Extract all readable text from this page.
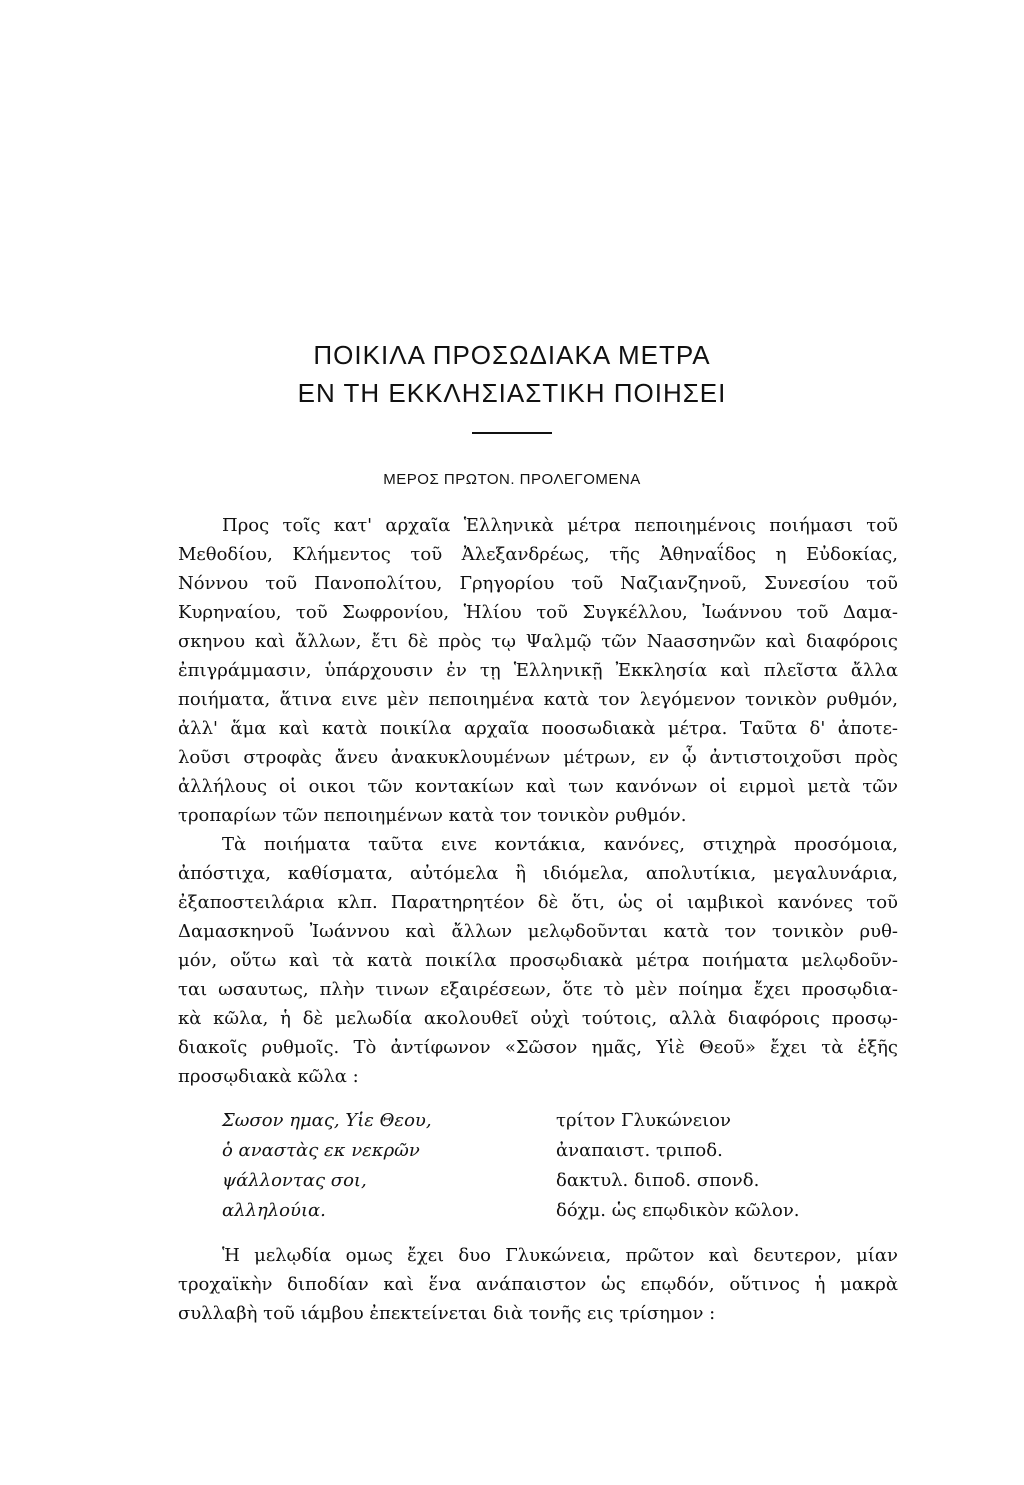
ΠΟΙΚΙΛΑ ΠΡΟΣΩΔΙΑΚΑ ΜΕΤΡΑ
ΕΝ ΤΗ ΕΚΚΛΗΣΙΑΣΤΙΚΗ ΠΟΙΗΣΕΙ
ΜΕΡΟΣ ΠΡΩΤΟΝ. ΠΡΟΛΕΓΟΜΕΝΑ
Προς τοῖς κατ' αρχαῖα Ἑλληνικὰ μέτρα πεποιημένοις ποιήμασι τοῦ
Μεθοδίου, Κλήμεντος τοῦ Ἀλεξανδρέως, τῆς Ἀθηναΐδος η Εὐδοκίας,
Νόννου τοῦ Πανοπολίτου, Γρηγορίου τοῦ Ναζιανζηνοῦ, Συνεσίου τοῦ
Κυρηναίου, τοῦ Σωφρονίου, Ἡλίου τοῦ Συγκέλλου, Ἰωάννου τοῦ Δαμα-
σκηνου καὶ ἄλλων, ἔτι δὲ πρὸς τῳ Ψαλμῷ τῶν Νaaσσηνῶν καὶ διαφόροις
ἐπιγράμμασιν, ὑπάρχουσιν ἐν τῃ Ἑλληνικῇ Ἐκκλησία καὶ πλεῖστα ἄλλα
ποιήματα, ἅτινα ειvε μὲν πεποιημένα κατὰ τον λεγόμενον τονικὸν ρυθμόν,
ἀλλ' ἅμα καὶ κατὰ ποικίλα αρχαῖα ποοσωδιακὰ μέτρα. Ταῦτα δ' ἀποτε-
λοῦσι στροφὰς ἄνευ ἀνακυκλουμένων μέτρων, εν ᾧ ἀντιστοιχοῦσι πρὸς
ἀλλήλους οἱ οικοι τῶν κοντακίων καὶ των κανόνων οἱ ειρμοὶ μετὰ τῶν
τροπαρίων τῶν πεποιημένων κατὰ τον τονικὸν ρυθμόν.
Τὰ ποιήματα ταῦτα ειvε κοντάκια, κανόνες, στιχηρὰ προσόμοια,
ἀπόστιχα, καθίσματα, αὐτόμελα ἢ ιδιόμελα, απολυτίκια, μεγαλυνάρια,
ἐξαποστειλάρια κλπ. Παρατηρητέον δὲ ὅτι, ὡς οἱ ιαμβικοὶ κανόνες τοῦ
Δαμασκηνοῦ Ἰωάννου καὶ ἄλλων μελῳδοῦνται κατὰ τον τονικὸν ρυθ-
μόν, οὕτω καὶ τὰ κατὰ ποικίλα προσῳδιακὰ μέτρα ποιήματα μελῳδοῦν-
ται ωσαυτως, πλὴν τινων εξαιρέσεων, ὅτε τὸ μὲν ποίημα ἔχει προσῳδια-
κὰ κῶλα, ἡ δὲ μελωδία ακολουθεῖ οὐχὶ τούτοις, αλλὰ διαφόροις προσῳ-
διακοῖς ρυθμοῖς. Τὸ ἀντίφωνον «Σῶσον ημᾶς, Υἱὲ Θεοῦ» ἔχει τὰ ἑξῆς
προσῳδιακὰ κῶλα :
Σωσον ημας, Υἱε Θεου,	τρίτον Γλυκώνειον
ὁ αναστὰς εκ νεκρῶν	ἀναπαιστ. τριποδ.
ψάλλοντας σοι,	δακτυλ. διποδ. σπονδ.
αλληλούια.	δόχμ. ὡς επῳδικὸν κῶλον.
Ἡ μελῳδία ομως ἔχει δυο Γλυκώνεια, πρῶτον καὶ δευτερον, μίαν
τροχαϊκὴν διποδίαν καὶ ἕνα ανάπαιστον ὡς επῳδόν, οὕτινος ἡ μακρὰ
συλλαβὴ τοῦ ιάμβου ἐπεκτείνεται διὰ τονῆς εις τρίσημον :
